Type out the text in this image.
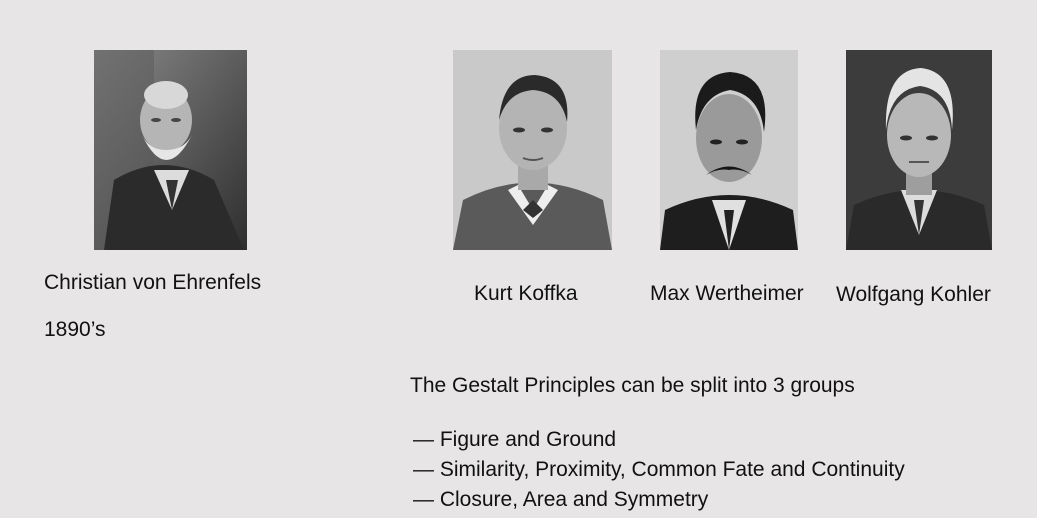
Christian von Ehrenfels
1890’s
Kurt Koffka	Max Wertheimer Wolfgang Kohler
The Gestalt Principles can be split into 3 groups
— Figure and Ground
— Similarity, Proximity, Common Fate and Continuity
— Closure, Area and Symmetry
